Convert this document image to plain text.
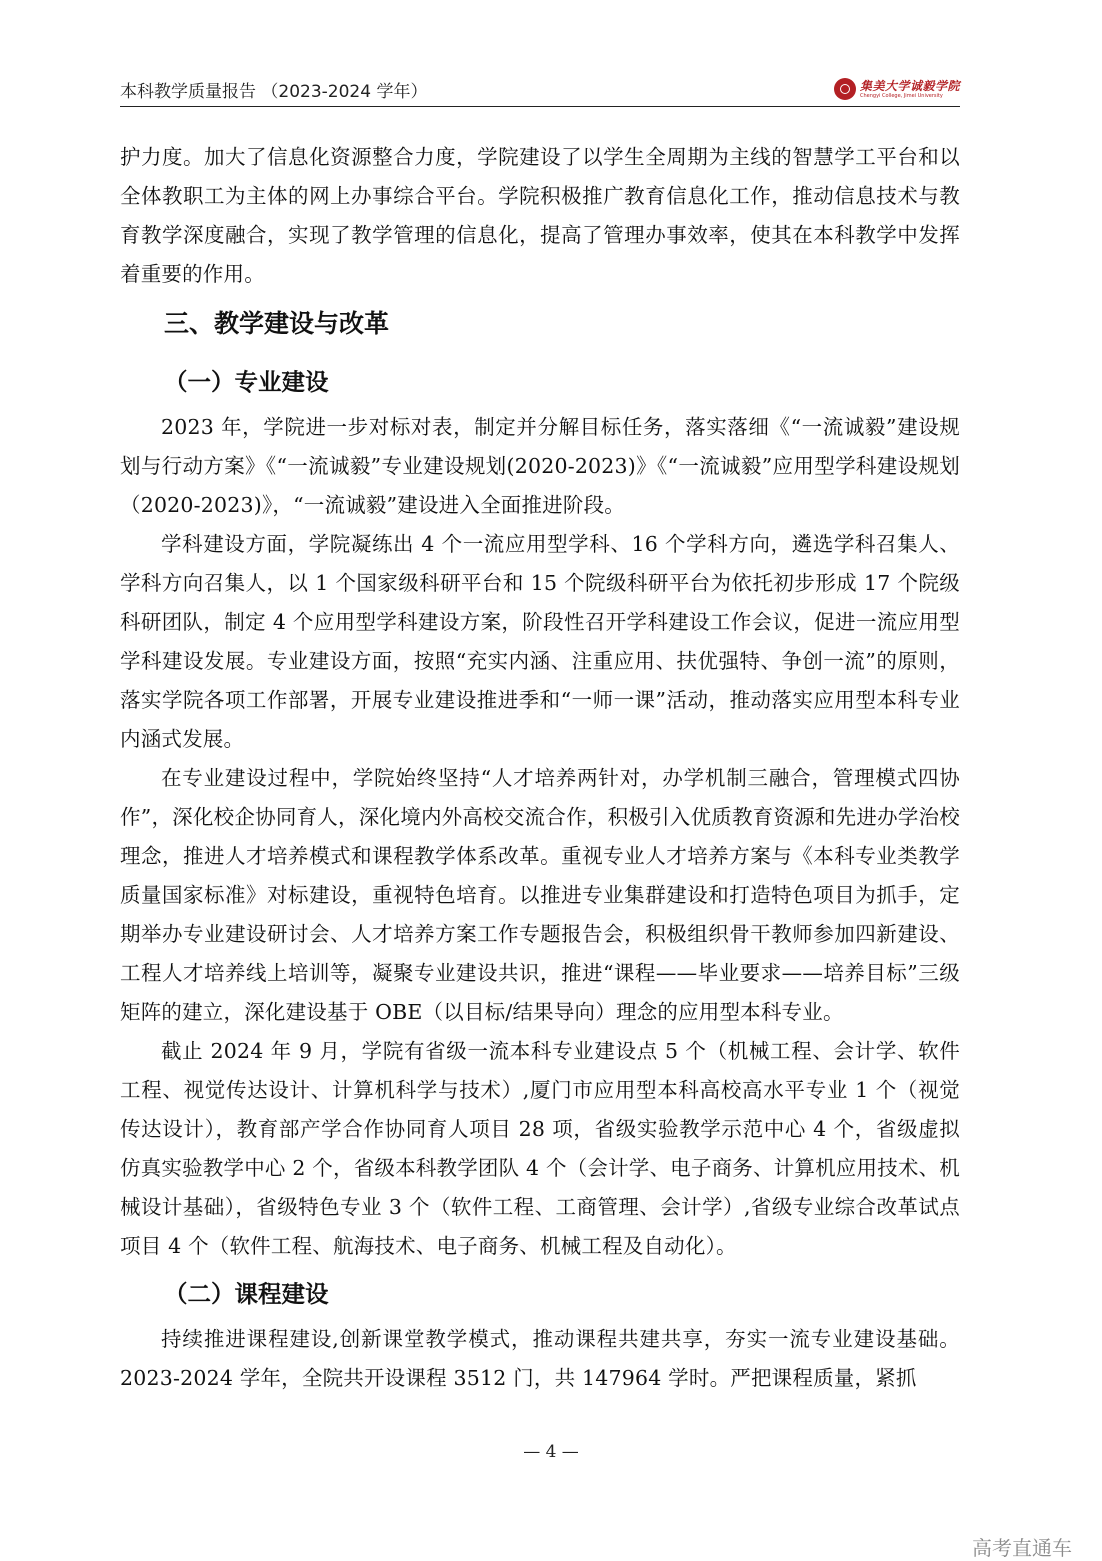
本科教学质量报告 （2023-2024 学年）	集美大学诚毅学院
Chengyi College, Jimei University

护力度。加大了信息化资源整合力度，学院建设了以学生全周期为主线的智慧学工平台和以全体教职工为主体的网上办事综合平台。学院积极推广教育信息化工作，推动信息技术与教育教学深度融合，实现了教学管理的信息化，提高了管理办事效率，使其在本科教学中发挥着重要的作用。

三、教学建设与改革
（一）专业建设

2023 年，学院进一步对标对表，制定并分解目标任务，落实落细《“一流诚毅”建设规划与行动方案》《“一流诚毅”专业建设规划(2020-2023)》《“一流诚毅”应用型学科建设规划（2020-2023)》，“一流诚毅”建设进入全面推进阶段。

学科建设方面，学院凝练出 4 个一流应用型学科、16 个学科方向，遴选学科召集人、学科方向召集人，以 1 个国家级科研平台和 15 个院级科研平台为依托初步形成 17 个院级科研团队，制定 4 个应用型学科建设方案，阶段性召开学科建设工作会议，促进一流应用型学科建设发展。专业建设方面，按照“充实内涵、注重应用、扶优强特、争创一流”的原则，落实学院各项工作部署，开展专业建设推进季和“一师一课”活动，推动落实应用型本科专业内涵式发展。

在专业建设过程中，学院始终坚持“人才培养两针对，办学机制三融合，管理模式四协作”，深化校企协同育人，深化境内外高校交流合作，积极引入优质教育资源和先进办学治校理念，推进人才培养模式和课程教学体系改革。重视专业人才培养方案与《本科专业类教学质量国家标准》对标建设，重视特色培育。以推进专业集群建设和打造特色项目为抓手，定期举办专业建设研讨会、人才培养方案工作专题报告会，积极组织骨干教师参加四新建设、工程人才培养线上培训等，凝聚专业建设共识，推进“课程——毕业要求——培养目标”三级矩阵的建立，深化建设基于 OBE（以目标/结果导向）理念的应用型本科专业。

截止 2024 年 9 月，学院有省级一流本科专业建设点 5 个（机械工程、会计学、软件工程、视觉传达设计、计算机科学与技术）,厦门市应用型本科高校高水平专业 1 个（视觉传达设计），教育部产学合作协同育人项目 28 项，省级实验教学示范中心 4 个，省级虚拟仿真实验教学中心 2 个，省级本科教学团队 4 个（会计学、电子商务、计算机应用技术、机械设计基础），省级特色专业 3 个（软件工程、工商管理、会计学）,省级专业综合改革试点项目 4 个（软件工程、航海技术、电子商务、机械工程及自动化）。

（二）课程建设

持续推进课程建设,创新课堂教学模式，推动课程共建共享，夯实一流专业建设基础。2023-2024 学年，全院共开设课程 3512 门，共 147964 学时。严把课程质量，紧抓

— 4 —
高考直通车
